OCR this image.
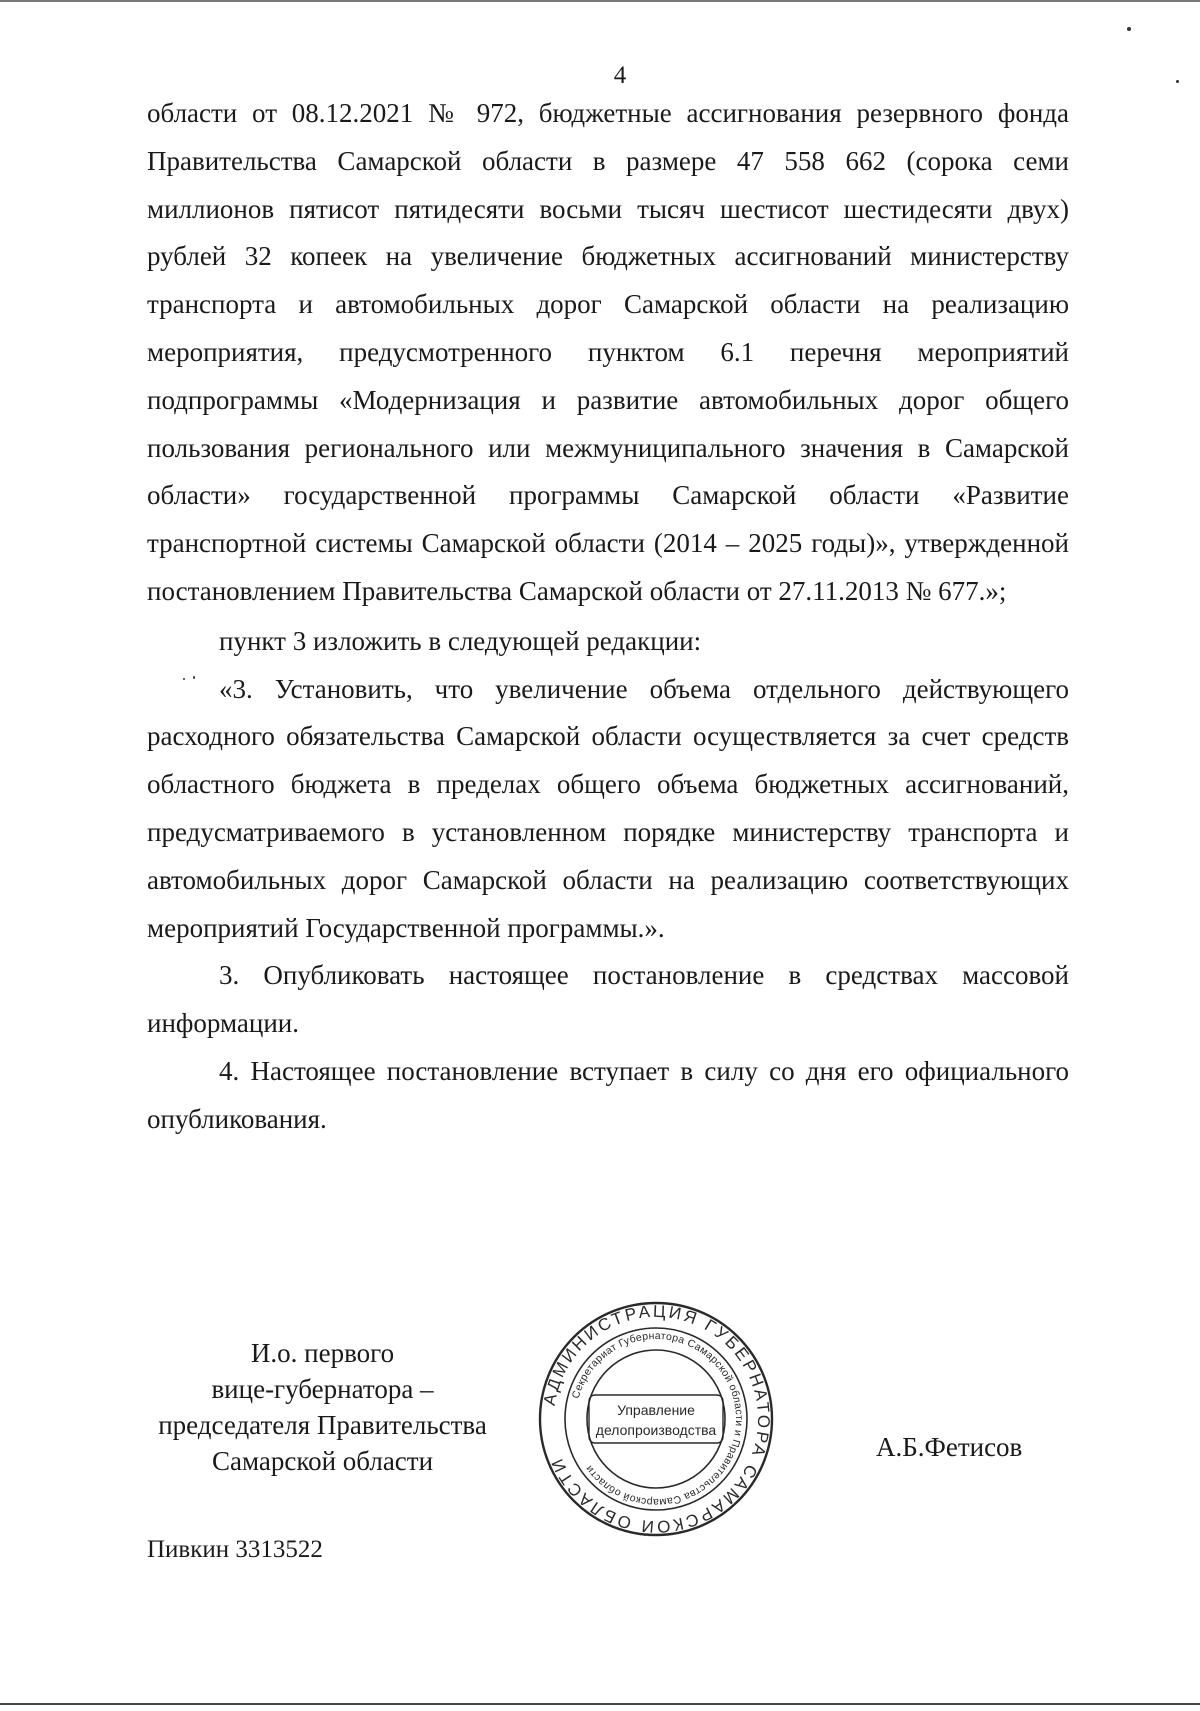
4

области от 08.12.2021 № 972, бюджетные ассигнования резервного фонда Правительства Самарской области в размере 47 558 662 (сорока семи миллионов пятисот пятидесяти восьми тысяч шестисот шестидесяти двух) рублей 32 копеек на увеличение бюджетных ассигнований министерству транспорта и автомобильных дорог Самарской области на реализацию мероприятия, предусмотренного пунктом 6.1 перечня мероприятий подпрограммы «Модернизация и развитие автомобильных дорог общего пользования регионального или межмуниципального значения в Самарской области» государственной программы Самарской области «Развитие транспортной системы Самарской области (2014 – 2025 годы)», утвержденной постановлением Правительства Самарской области от 27.11.2013 № 677.»;

пункт 3 изложить в следующей редакции:

«3. Установить, что увеличение объема отдельного действующего расходного обязательства Самарской области осуществляется за счет средств областного бюджета в пределах общего объема бюджетных ассигнований, предусматриваемого в установленном порядке министерству транспорта и автомобильных дорог Самарской области на реализацию соответствующих мероприятий Государственной программы.».

3. Опубликовать настоящее постановление в средствах массовой информации.

4. Настоящее постановление вступает в силу со дня его официального опубликования.

И.о. первого
вице-губернатора –
председателя Правительства
Самарской области
АДМИНИСТРАЦИЯ ГУБЕРНАТОРА САМАРСКОЙ ОБЛАСТИ
Секретариат Губернатора Самарской области и Правительства Самарской области
Управление
делопроизводства
А.Б.Фетисов
Пивкин 3313522
